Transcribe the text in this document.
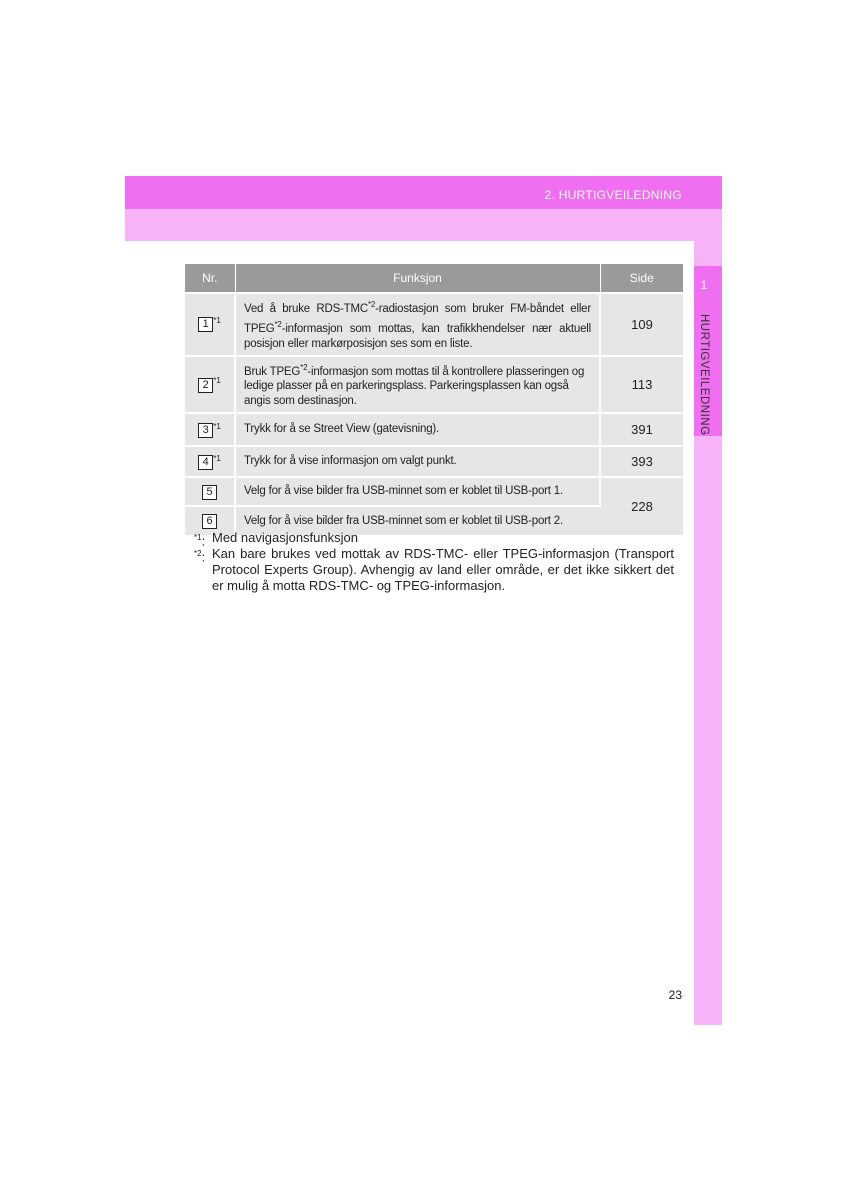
2. HURTIGVEILEDNING
1
HURTIGVEILEDNING
Nr.	Funksjon	Side
1 $^{*1}$	Ved å bruke RDS-TMC$^{*2}$-radiostasjon som bruker FM-båndet eller TPEG$^{*2}$-informasjon som mottas, kan trafikkhendelser nær aktuell posisjon eller markørposisjon ses som en liste.	109
2 $^{*1}$	Bruk TPEG$^{*2}$-informasjon som mottas til å kontrollere plasseringen og ledige plasser på en parkeringsplass. Parkeringsplassen kan også angis som destinasjon.	113
3 $^{*1}$	Trykk for å se Street View (gatevisning).	391
4 $^{*1}$	Trykk for å vise informasjon om valgt punkt.	393
5	Velg for å vise bilder fra USB-minnet som er koblet til USB-port 1.	228
6	Velg for å vise bilder fra USB-minnet som er koblet til USB-port 2.	
$^{*1}$: Med navigasjonsfunksjon
$^{*2}$: Kan bare brukes ved mottak av RDS-TMC- eller TPEG-informasjon (Transport Protocol Experts Group). Avhengig av land eller område, er det ikke sikkert det er mulig å motta RDS-TMC- og TPEG-informasjon.
23
